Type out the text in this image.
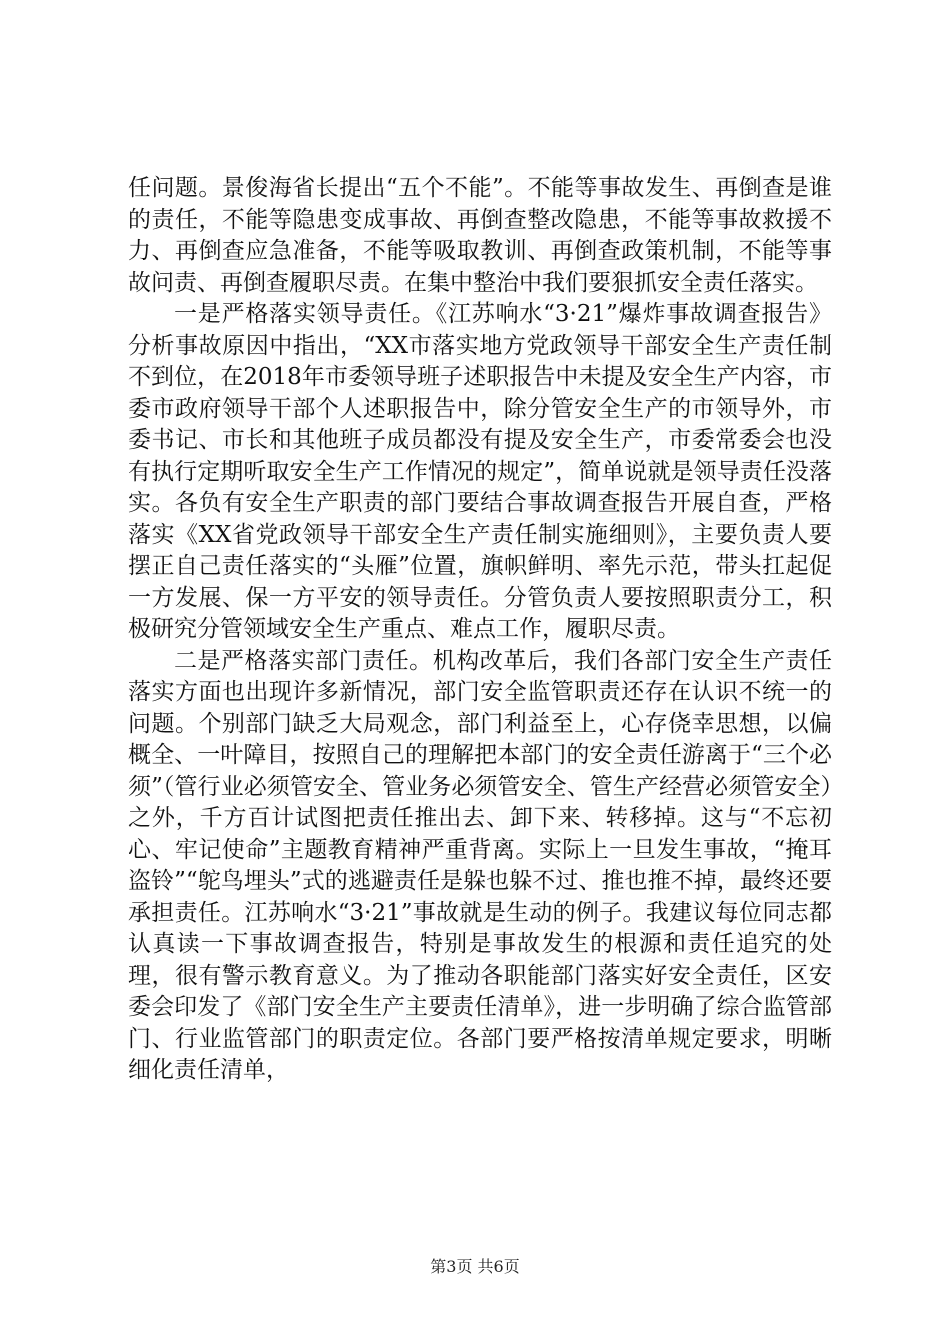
任问题。景俊海省长提出“五个不能”。不能等事故发生、再倒查是谁的责任，不能等隐患变成事故、再倒查整改隐患，不能等事故救援不力、再倒查应急准备，不能等吸取教训、再倒查政策机制，不能等事故问责、再倒查履职尽责。在集中整治中我们要狠抓安全责任落实。

一是严格落实领导责任。《江苏响水“3·21”爆炸事故调查报告》分析事故原因中指出，“XX市落实地方党政领导干部安全生产责任制不到位，在2018年市委领导班子述职报告中未提及安全生产内容，市委市政府领导干部个人述职报告中，除分管安全生产的市领导外，市委书记、市长和其他班子成员都没有提及安全生产，市委常委会也没有执行定期听取安全生产工作情况的规定”，简单说就是领导责任没落实。各负有安全生产职责的部门要结合事故调查报告开展自查，严格落实《XX省党政领导干部安全生产责任制实施细则》，主要负责人要摆正自己责任落实的“头雁”位置，旗帜鲜明、率先示范，带头扛起促一方发展、保一方平安的领导责任。分管负责人要按照职责分工，积极研究分管领域安全生产重点、难点工作，履职尽责。

二是严格落实部门责任。机构改革后，我们各部门安全生产责任落实方面也出现许多新情况，部门安全监管职责还存在认识不统一的问题。个别部门缺乏大局观念，部门利益至上，心存侥幸思想，以偏概全、一叶障目，按照自己的理解把本部门的安全责任游离于“三个必须”（管行业必须管安全、管业务必须管安全、管生产经营必须管安全）之外，千方百计试图把责任推出去、卸下来、转移掉。这与“不忘初心、牢记使命”主题教育精神严重背离。实际上一旦发生事故，“掩耳盗铃”“鸵鸟埋头”式的逃避责任是躲也躲不过、推也推不掉，最终还要承担责任。江苏响水“3·21”事故就是生动的例子。我建议每位同志都认真读一下事故调查报告，特别是事故发生的根源和责任追究的处理，很有警示教育意义。为了推动各职能部门落实好安全责任，区安委会印发了《部门安全生产主要责任清单》，进一步明确了综合监管部门、行业监管部门的职责定位。各部门要严格按清单规定要求，明晰细化责任清单，

第3页 共6页
